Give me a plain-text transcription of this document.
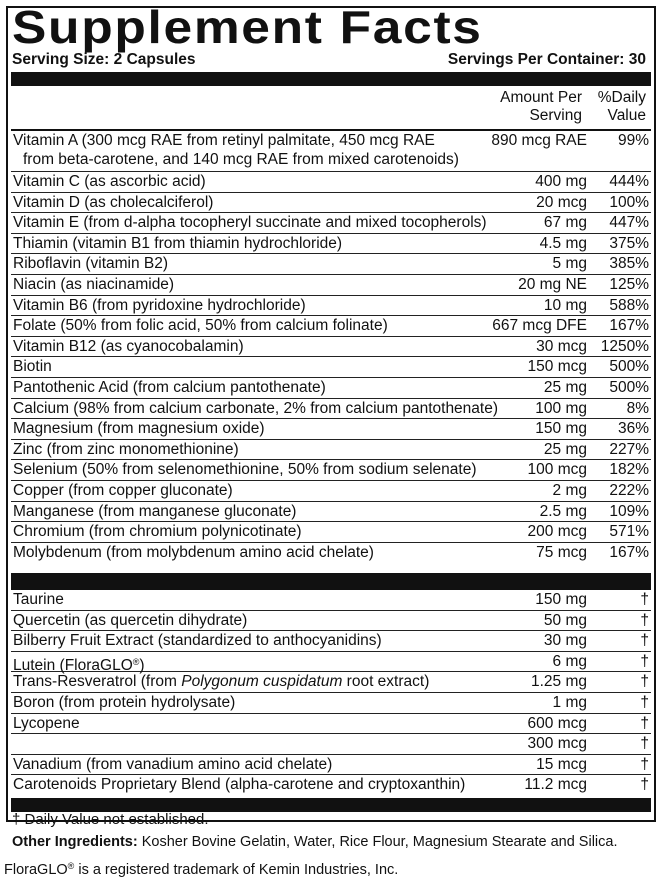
Supplement Facts
Serving Size: 2 Capsules	Servings Per Container: 30
Amount Per
Serving
%Daily
Value
Vitamin A (300 mcg RAE from retinyl palmitate, 450 mcg RAE
from beta-carotene, and 140 mcg RAE from mixed carotenoids)
890 mcg RAE	99%
Vitamin C (as ascorbic acid)	400 mg	444%
Vitamin D (as cholecalciferol)	20 mcg	100%
Vitamin E (from d-alpha tocopheryl succinate and mixed tocopherols)	67 mg	447%
Thiamin (vitamin B1 from thiamin hydrochloride)	4.5 mg	375%
Riboflavin (vitamin B2)	5 mg	385%
Niacin (as niacinamide)	20 mg NE	125%
Vitamin B6 (from pyridoxine hydrochloride)	10 mg	588%
Folate (50% from folic acid, 50% from calcium folinate)	667 mcg DFE	167%
Vitamin B12 (as cyanocobalamin)	30 mcg 1250%
Biotin	150 mcg	500%
Pantothenic Acid (from calcium pantothenate)	25 mg	500%
Calcium (98% from calcium carbonate, 2% from calcium pantothenate) 100 mg	8%
Magnesium (from magnesium oxide)	150 mg	36%
Zinc (from zinc monomethionine)	25 mg	227%
Selenium (50% from selenomethionine, 50% from sodium selenate)	100 mcg	182%
Copper (from copper gluconate)	2 mg	222%
Manganese (from manganese gluconate)	2.5 mg	109%
Chromium (from chromium polynicotinate)	200 mcg	571%
Molybdenum (from molybdenum amino acid chelate)	75 mcg	167%
Taurine	150 mg	†
Quercetin (as quercetin dihydrate)	50 mg	†
Bilberry Fruit Extract (standardized to anthocyanidins)	30 mg	†
Lutein (FloraGLO®)	6 mg	†
Trans-Resveratrol (from Polygonum cuspidatum root extract)	1.25 mg	†
Boron (from protein hydrolysate)	1 mg	†
Lycopene	600 mcg	†
300 mcg	†
Vanadium (from vanadium amino acid chelate)	15 mcg	†
Carotenoids Proprietary Blend (alpha-carotene and cryptoxanthin)	11.2 mcg	†
† Daily Value not established.
Other Ingredients: Kosher Bovine Gelatin, Water, Rice Flour, Magnesium Stearate and Silica.
FloraGLO® is a registered trademark of Kemin Industries, Inc.
